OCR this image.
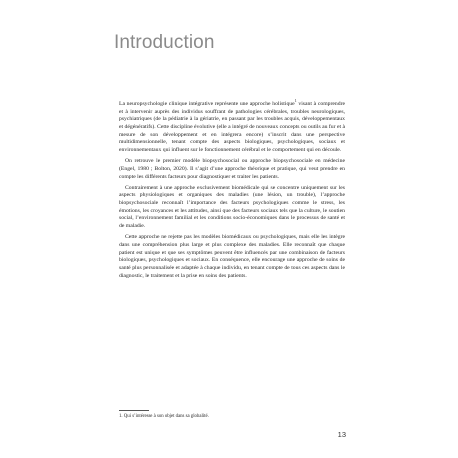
Introduction

La neuropsychologie clinique intégrative représente une approche holistique$^1$ visant à comprendre et à intervenir auprès des individus souffrant de pathologies cérébrales, troubles neurologiques, psychiatriques (de la pédiatrie à la gériatrie, en passant par les troubles acquis, développementaux et dégénératifs). Cette discipline évolutive (elle a intégré de nouveaux concepts ou outils au fur et à mesure de son développement et en intégrera encore) s’inscrit dans une perspective multidimensionnelle, tenant compte des aspects biologiques, psychologiques, sociaux et environnementaux qui influent sur le fonctionnement cérébral et le comportement qui en découle.

On retrouve le premier modèle biopsychosocial ou approche biopsychosociale en médecine (Engel, 1980 ; Bolton, 2020). Il s’agit d’une approche théorique et pratique, qui veut prendre en compte les différents facteurs pour diagnostiquer et traiter les patients.

Contrairement à une approche exclusivement biomédicale qui se concentre uniquement sur les aspects physiologiques et organiques des maladies (une lésion, un trouble), l’approche biopsychosociale reconnaît l’importance des facteurs psychologiques comme le stress, les émotions, les croyances et les attitudes, ainsi que des facteurs sociaux tels que la culture, le soutien social, l’environnement familial et les conditions socio-économiques dans le processus de santé et de maladie.

Cette approche ne rejette pas les modèles biomédicaux ou psychologiques, mais elle les intègre dans une compréhension plus large et plus complexe des maladies. Elle reconnaît que chaque patient est unique et que ses symptômes peuvent être influencés par une combinaison de facteurs biologiques, psychologiques et sociaux. En conséquence, elle encourage une approche de soins de santé plus personnalisée et adaptée à chaque individu, en tenant compte de tous ces aspects dans le diagnostic, le traitement et la prise en soins des patients.

1. Qui s’intéresse à son objet dans sa globalité.
13
